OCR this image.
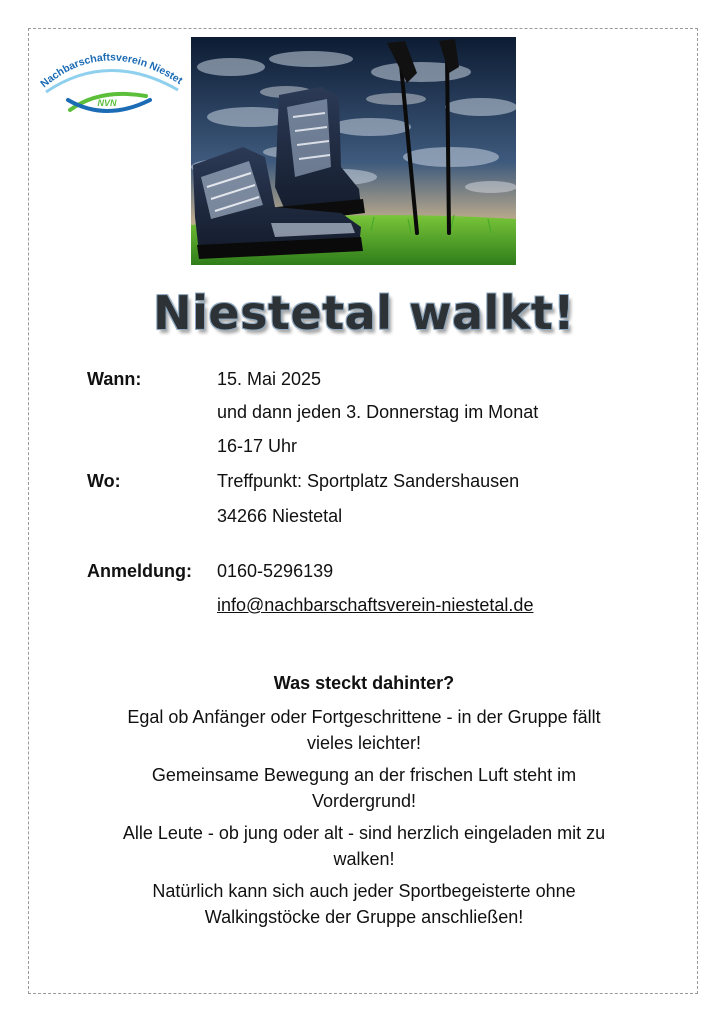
Nachbarschaftsverein Niestet
NVN
Niestetal walkt!
Wann:	15. Mai 2025
und dann jeden 3. Donnerstag im Monat
16-17 Uhr
Wo:	Treffpunkt: Sportplatz Sandershausen
34266 Niestetal
Anmeldung: 0160-5296139
info@nachbarschaftsverein-niestetal.de
Was steckt dahinter?
Egal ob Anfänger oder Fortgeschrittene - in der Gruppe fällt
vieles leichter!
Gemeinsame Bewegung an der frischen Luft steht im
Vordergrund!
Alle Leute - ob jung oder alt - sind herzlich eingeladen mit zu
walken!
Natürlich kann sich auch jeder Sportbegeisterte ohne
Walkingstöcke der Gruppe anschließen!
